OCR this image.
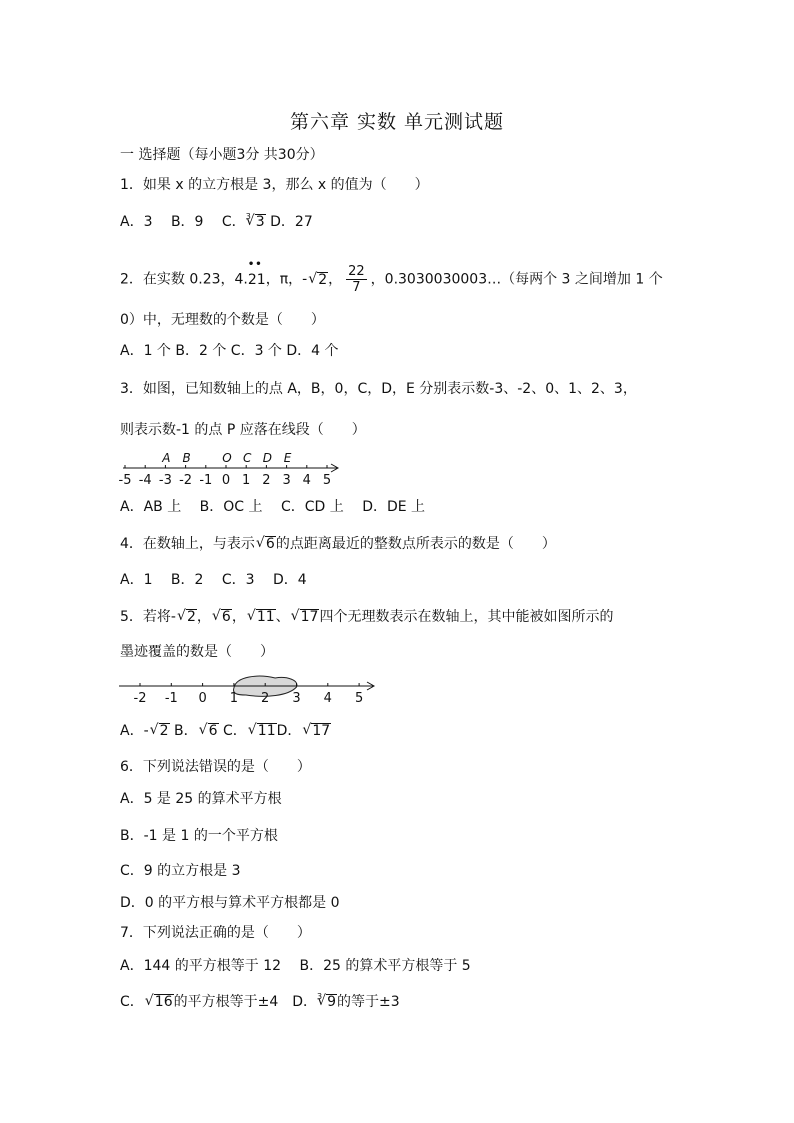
第六章 实数 单元测试题
一 选择题（每小题3分 共30分）
1．如果 x 的立方根是 3，那么 x 的值为（　　）
A．3　 B．9　 C．$^3$ √ 3 D．27
2．在实数 0.23，4.
••
21，π，- √ 2， $\frac{22}{7}$ ，0.3030030003…（每两个 3 之间增加 1 个
0）中，无理数的个数是（　　）
A．1 个 B．2 个 C．3 个 D．4 个
3．如图，已知数轴上的点 A，B，0，C，D，E 分别表示数-3、-2、0、1、2、3，
则表示数-1 的点 P 应落在线段（　　）
-5 -4 -3 -2 -1 0 1 2 3 4 5
A B	O C D E
A．AB 上　 B．OC 上　 C．CD 上　 D．DE 上
4．在数轴上，与表示 √ 6的点距离最近的整数点所表示的数是（　　）
A．1　 B．2　 C．3　 D．4
5．若将- √ 2， √ 6， √ 11、 √ 17四个无理数表示在数轴上，其中能被如图所示的
墨迹覆盖的数是（　　）
-2 -1 0 1 2 3 4 5
A．- √ 2 B． √ 6 C． √ 11D． √ 17
6．下列说法错误的是（　　）
A．5 是 25 的算术平方根
B．-1 是 1 的一个平方根
C．9 的立方根是 3
D．0 的平方根与算术平方根都是 0
7．下列说法正确的是（　　）
A．144 的平方根等于 12　 B．25 的算术平方根等于 5
C． √ 16的平方根等于±4　D．$^3$ √ 9的等于±3
